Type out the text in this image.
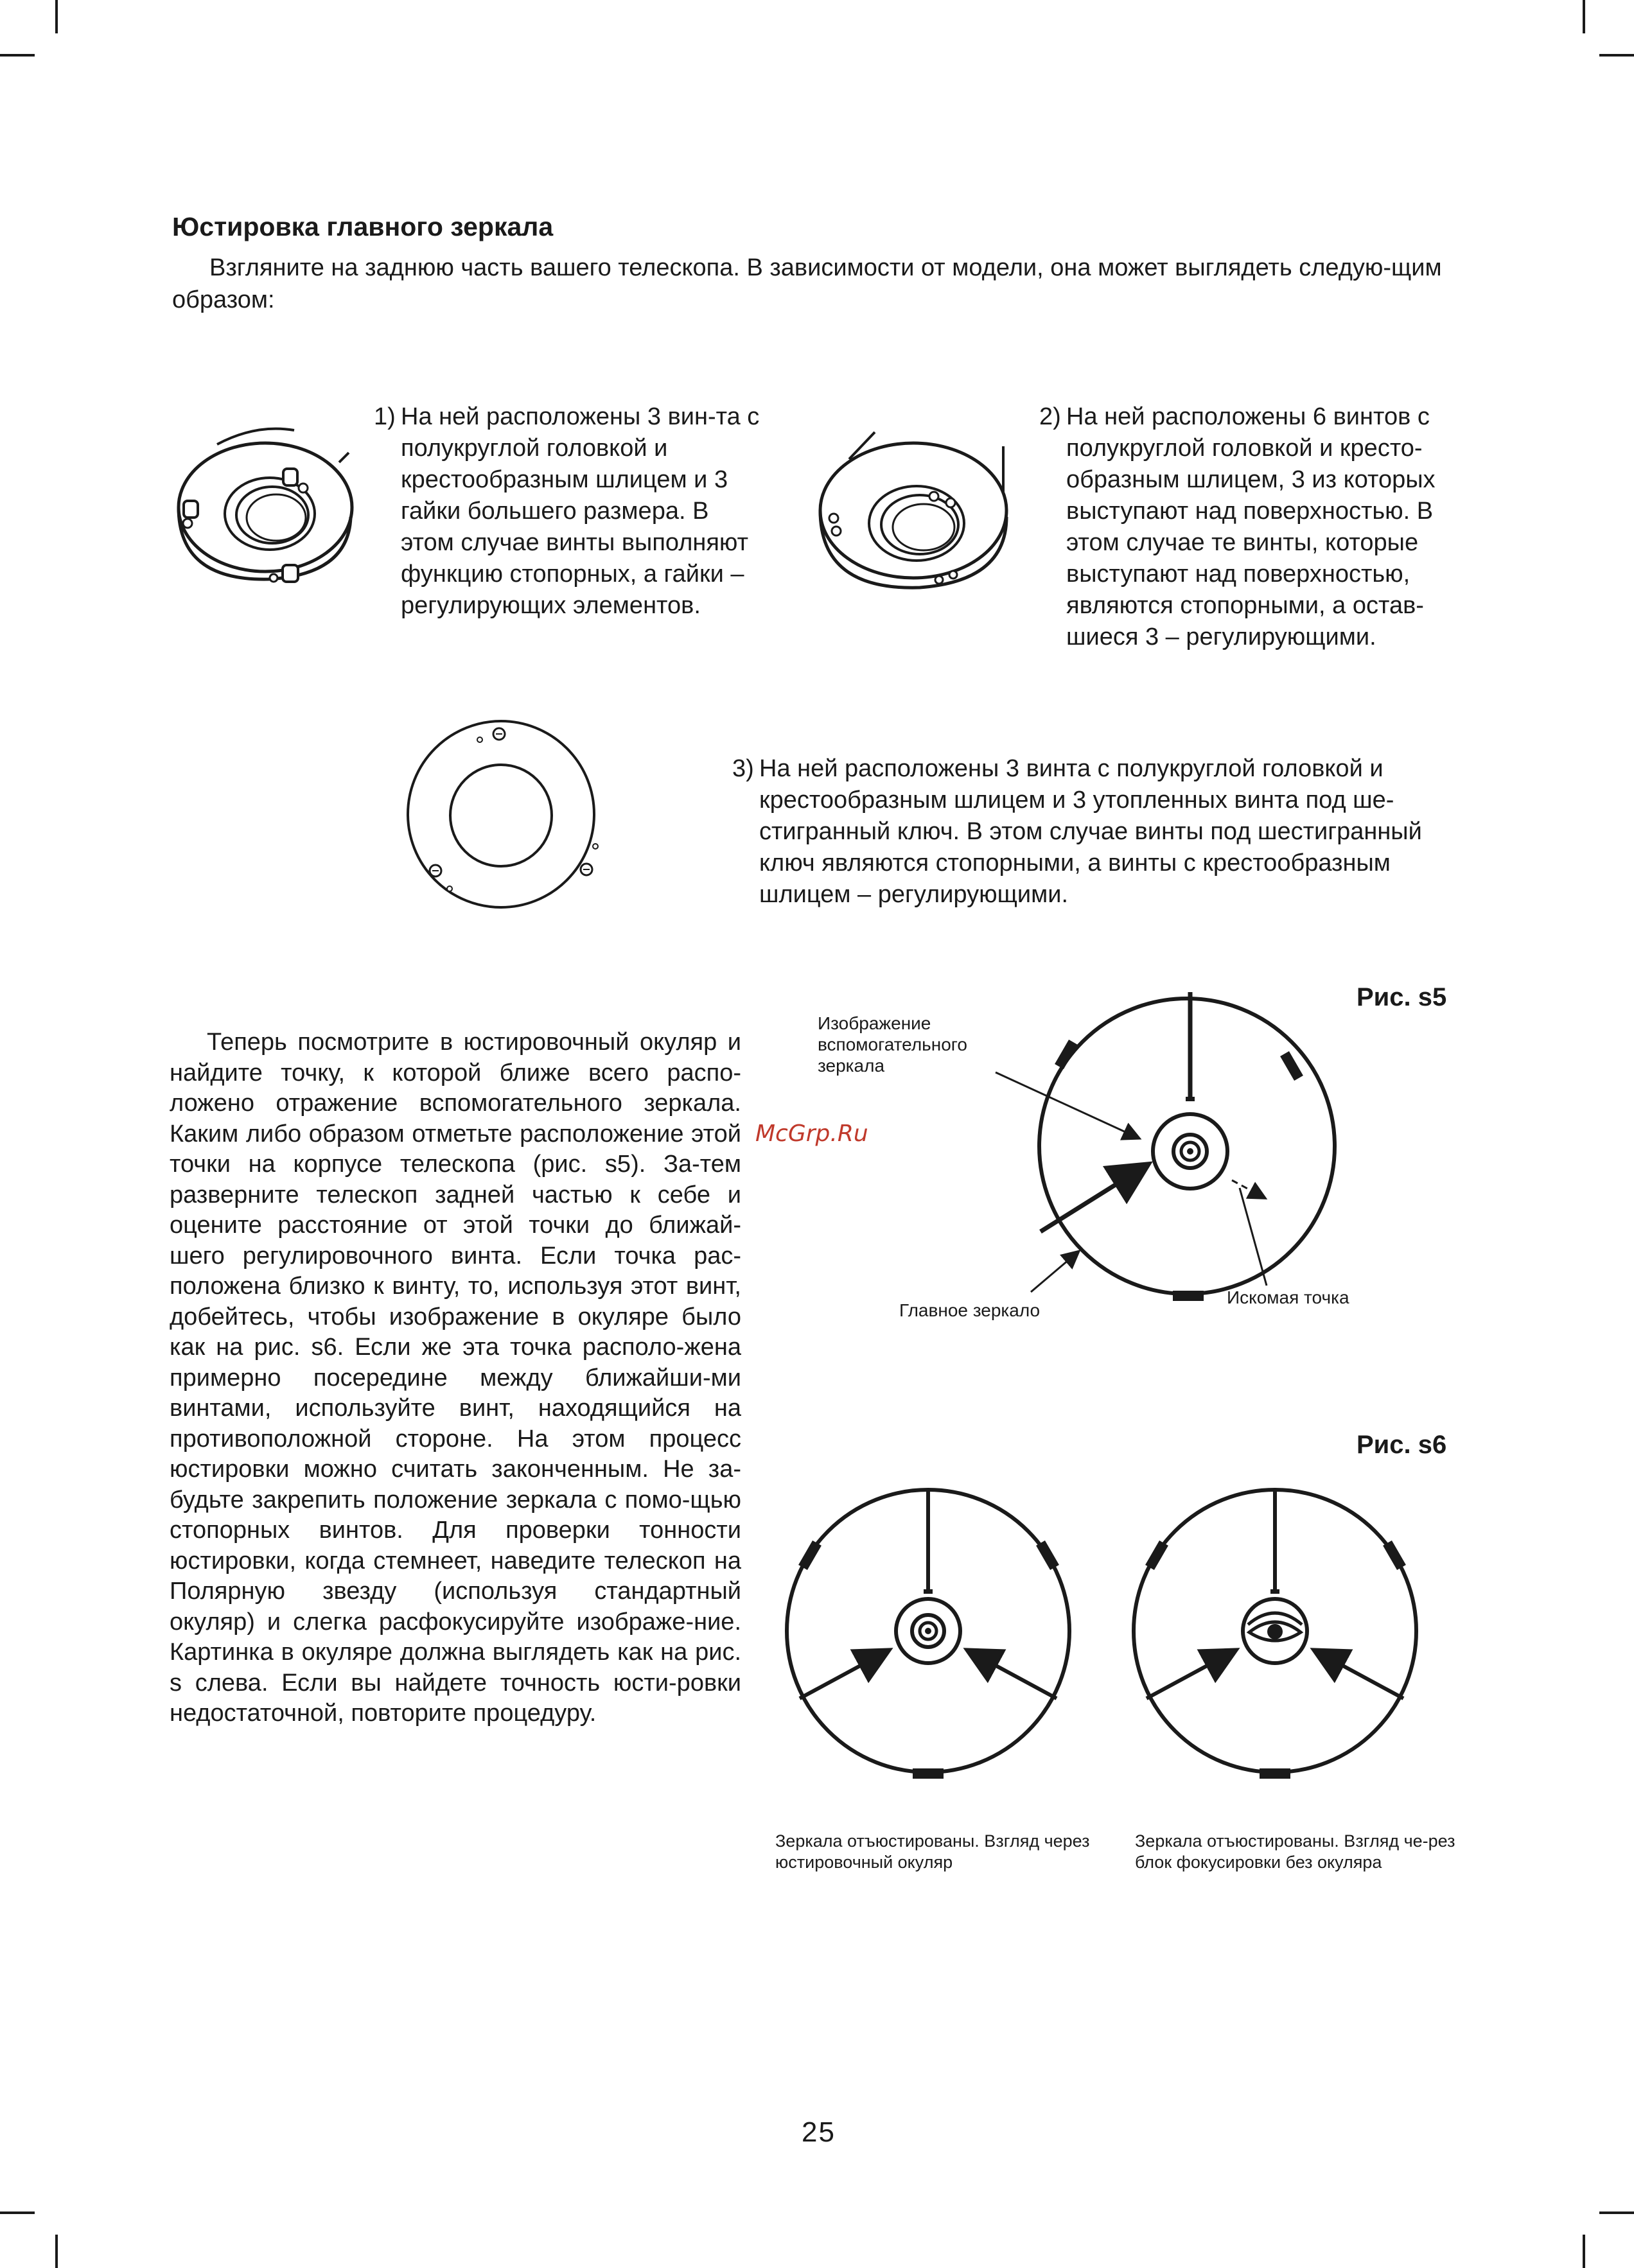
Юстировка главного зеркала
Взгляните на заднюю часть вашего телескопа. В зависимости от модели, она может выглядеть следую-щим образом:
1) На ней расположены 3 вин-та с полукруглой головкой и крестообразным шлицем и 3 гайки большего размера. В этом случае винты выполняют функцию стопорных, а гайки – регулирующих элементов.
2) На ней расположены 6 винтов с полукруглой головкой и кресто-образным шлицем, 3 из которых выступают над поверхностью. В этом случае те винты, которые выступают над поверхностью, являются стопорными, а остав-шиеся 3 – регулирующими.
3) На ней расположены 3 винта с полукруглой головкой и крестообразным шлицем и 3 утопленных винта под ше-стигранный ключ. В этом случае винты под шестигранный ключ являются стопорными, а винты с крестообразным шлицем – регулирующими.
Теперь посмотрите в юстировочный окуляр и найдите точку, к которой ближе всего распо-ложено отражение вспомогательного зеркала. Каким либо образом отметьте расположение этой точки на корпусе телескопа (рис. s5). За-тем разверните телескоп задней частью к себе и оцените расстояние от этой точки до ближай-шего регулировочного винта. Если точка рас-положена близко к винту, то, используя этот винт, добейтесь, чтобы изображение в окуляре было как на рис. s6. Если же эта точка располо-жена примерно посередине между ближайши-ми винтами, используйте винт, находящийся на противоположной стороне. На этом процесс юстировки можно считать законченным. Не за-будьте закрепить положение зеркала с помо-щью стопорных винтов. Для проверки тонности юстировки, когда стемнеет, наведите телескоп на Полярную звезду (используя стандартный окуляр) и слегка расфокусируйте изображе-ние. Картинка в окуляре должна выглядеть как на рис. s слева. Если вы найдете точность юсти-ровки недостаточной, повторите процедуру.
McGrp.Ru
Рис. s5
Изображение вспомогательного зеркала
Главное зеркало
Искомая точка
Рис. s6
Зеркала отъюстированы. Взгляд через юстировочный окуляр
Зеркала отъюстированы. Взгляд че-рез блок фокусировки без окуляра
25
